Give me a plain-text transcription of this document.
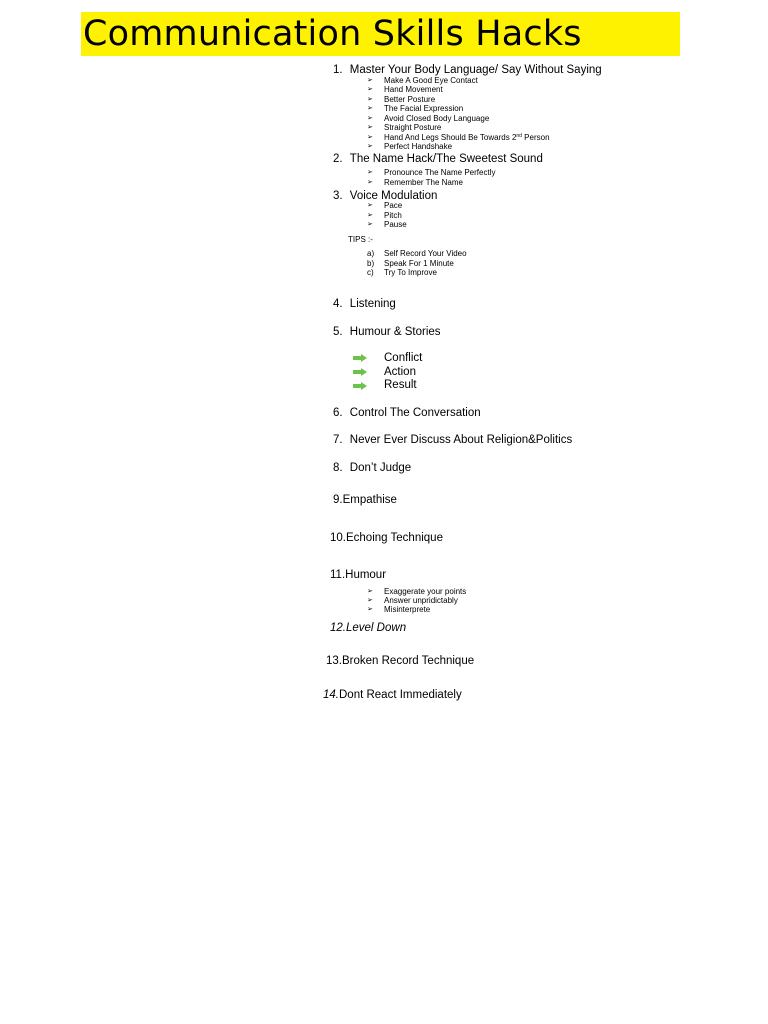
Communication Skills Hacks
1. Master Your Body Language/ Say Without Saying
➢ Make A Good Eye Contact
➢ Hand Movement
➢ Better Posture
➢ The Facial Expression
➢ Avoid Closed Body Language
➢ Straight Posture
➢ Hand And Legs Should Be Towards 2nd Person
➢ Perfect Handshake
2. The Name Hack/The Sweetest Sound
➢ Pronounce The Name Perfectly
➢ Remember The Name
3. Voice Modulation
➢ Pace
➢ Pitch
➢ Pause
TIPS :-
a) Self Record Your Video
b) Speak For 1 Minute
c) Try To Improve
4. Listening
5. Humour & Stories
Conflict
Action
Result
6. Control The Conversation
7. Never Ever Discuss About Religion&Politics
8. Don’t Judge
9.Empathise
10.Echoing Technique
11.Humour
➢ Exaggerate your points
➢ Answer unpridictably
➢ Misinterprete
12.Level Down
13.Broken Record Technique
14.Dont React Immediately
